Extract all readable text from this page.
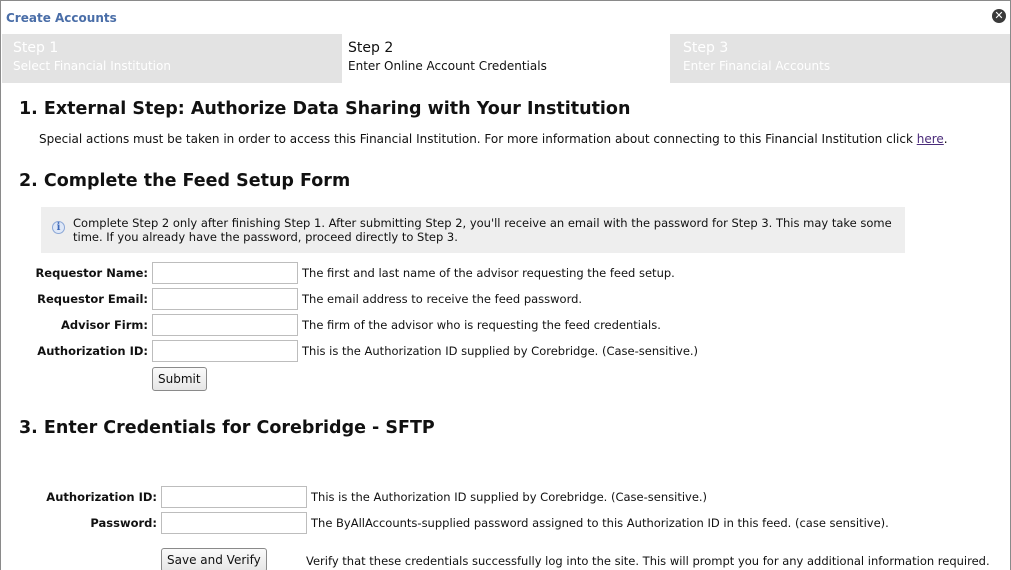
Create Accounts	✕
Step 1
Select Financial Institution
Step 2
Enter Online Account Credentials
Step 3
Enter Financial Accounts
1. External Step: Authorize Data Sharing with Your Institution
Special actions must be taken in order to access this Financial Institution. For more information about connecting to this Financial Institution click here.
2. Complete the Feed Setup Form
i	Complete Step 2 only after finishing Step 1. After submitting Step 2, you'll receive an email with the password for Step 3. This may take some time. If you already have the password, proceed directly to Step 3.
Requestor Name:	The first and last name of the advisor requesting the feed setup.
Requestor Email:	The email address to receive the feed password.
Advisor Firm:	The firm of the advisor who is requesting the feed credentials.
Authorization ID:	This is the Authorization ID supplied by Corebridge. (Case-sensitive.)
Submit
3. Enter Credentials for Corebridge - SFTP
Authorization ID:	This is the Authorization ID supplied by Corebridge. (Case-sensitive.)
Password:	The ByAllAccounts-supplied password assigned to this Authorization ID in this feed. (case sensitive).
Save and Verify	Verify that these credentials successfully log into the site. This will prompt you for any additional information required.
